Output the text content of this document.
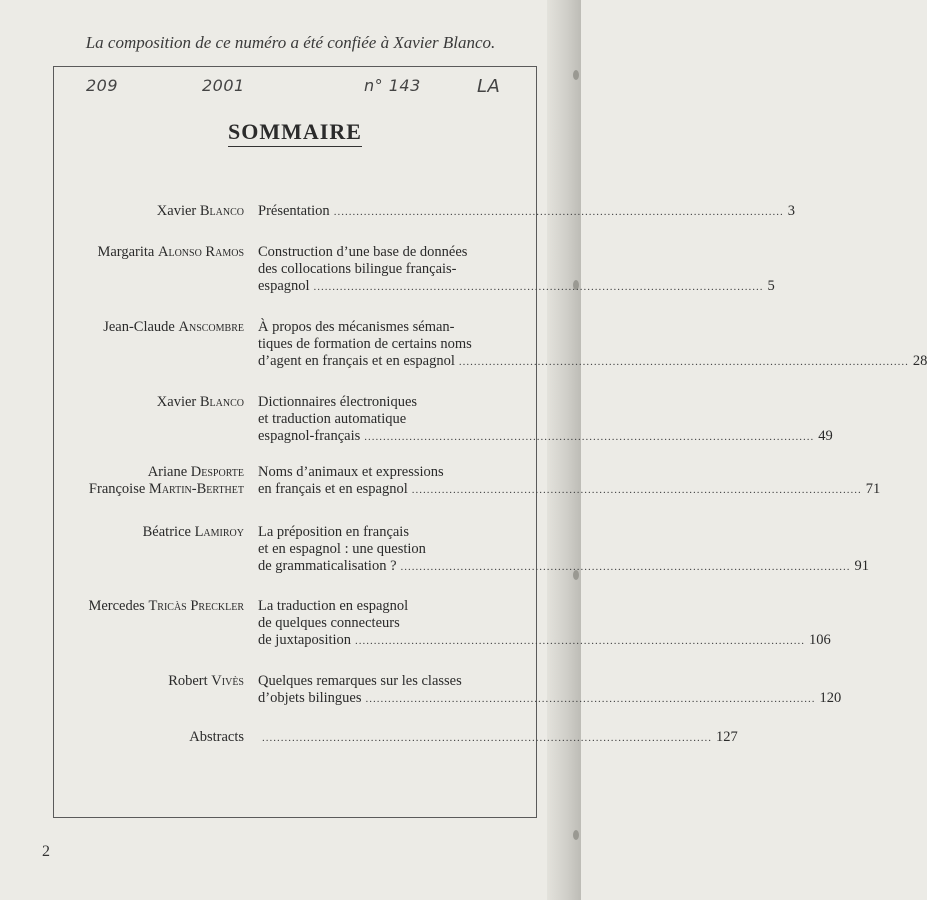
La composition de ce numéro a été confiée à Xavier Blanco.
209	2001	n° 143	LA
SOMMAIRE
Xavier Blanco Présentation ........................................................................................................................ 3
Margarita Alonso Ramos Construction d’une base de données
des collocations bilingue français-
espagnol ........................................................................................................................ 5
Jean-Claude Anscombre À propos des mécanismes séman-
tiques de formation de certains noms
d’agent en français et en espagnol ........................................................................................................................ 28
Xavier Blanco Dictionnaires électroniques
et traduction automatique
espagnol-français ........................................................................................................................ 49
Ariane Desporte
Françoise Martin-Berthet
Noms d’animaux et expressions
en français et en espagnol ........................................................................................................................ 71
Béatrice Lamiroy La préposition en français
et en espagnol : une question
de grammaticalisation ? ........................................................................................................................ 91
Mercedes Tricàs Preckler La traduction en espagnol
de quelques connecteurs
de juxtaposition ........................................................................................................................ 106
Robert Vivès Quelques remarques sur les classes
d’objets bilingues ........................................................................................................................ 120
Abstracts ........................................................................................................................ 127
2
